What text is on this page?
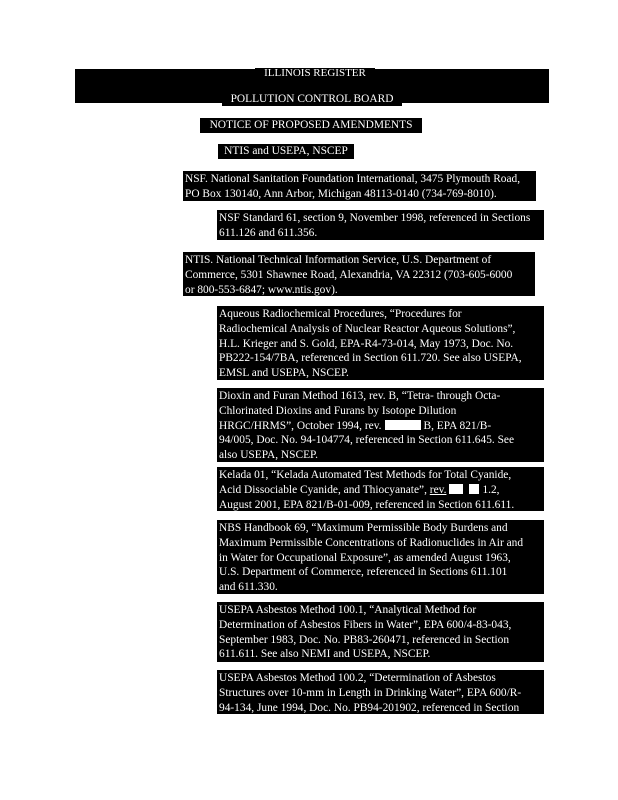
ILLINOIS REGISTER
POLLUTION CONTROL BOARD
NOTICE OF PROPOSED AMENDMENTS
NTIS and USEPA, NSCEP
NSF. National Sanitation Foundation International, 3475 Plymouth Road,
PO Box 130140, Ann Arbor, Michigan 48113-0140 (734-769-8010).
NSF Standard 61, section 9, November 1998, referenced in Sections
611.126 and 611.356.
NTIS. National Technical Information Service, U.S. Department of
Commerce, 5301 Shawnee Road, Alexandria, VA 22312 (703-605-6000
or 800-553-6847; www.ntis.gov).
Aqueous Radiochemical Procedures, “Procedures for
Radiochemical Analysis of Nuclear Reactor Aqueous Solutions”,
H.L. Krieger and S. Gold, EPA-R4-73-014, May 1973, Doc. No.
PB222-154/7BA, referenced in Section 611.720. See also USEPA,
EMSL and USEPA, NSCEP.
Dioxin and Furan Method 1613, rev. B, “Tetra- through Octa-
Chlorinated Dioxins and Furans by Isotope Dilution
HRGC/HRMS”, October 1994, rev.	B, EPA 821/B-
94/005, Doc. No. 94-104774, referenced in Section 611.645. See
also USEPA, NSCEP.
Kelada 01, “Kelada Automated Test Methods for Total Cyanide,
Acid Dissociable Cyanide, and Thiocyanate”, rev.	1.2,
August 2001, EPA 821/B-01-009, referenced in Section 611.611.
NBS Handbook 69, “Maximum Permissible Body Burdens and
Maximum Permissible Concentrations of Radionuclides in Air and
in Water for Occupational Exposure”, as amended August 1963,
U.S. Department of Commerce, referenced in Sections 611.101
and 611.330.
USEPA Asbestos Method 100.1, “Analytical Method for
Determination of Asbestos Fibers in Water”, EPA 600/4-83-043,
September 1983, Doc. No. PB83-260471, referenced in Section
611.611. See also NEMI and USEPA, NSCEP.
USEPA Asbestos Method 100.2, “Determination of Asbestos
Structures over 10-mm in Length in Drinking Water”, EPA 600/R-
94-134, June 1994, Doc. No. PB94-201902, referenced in Section
